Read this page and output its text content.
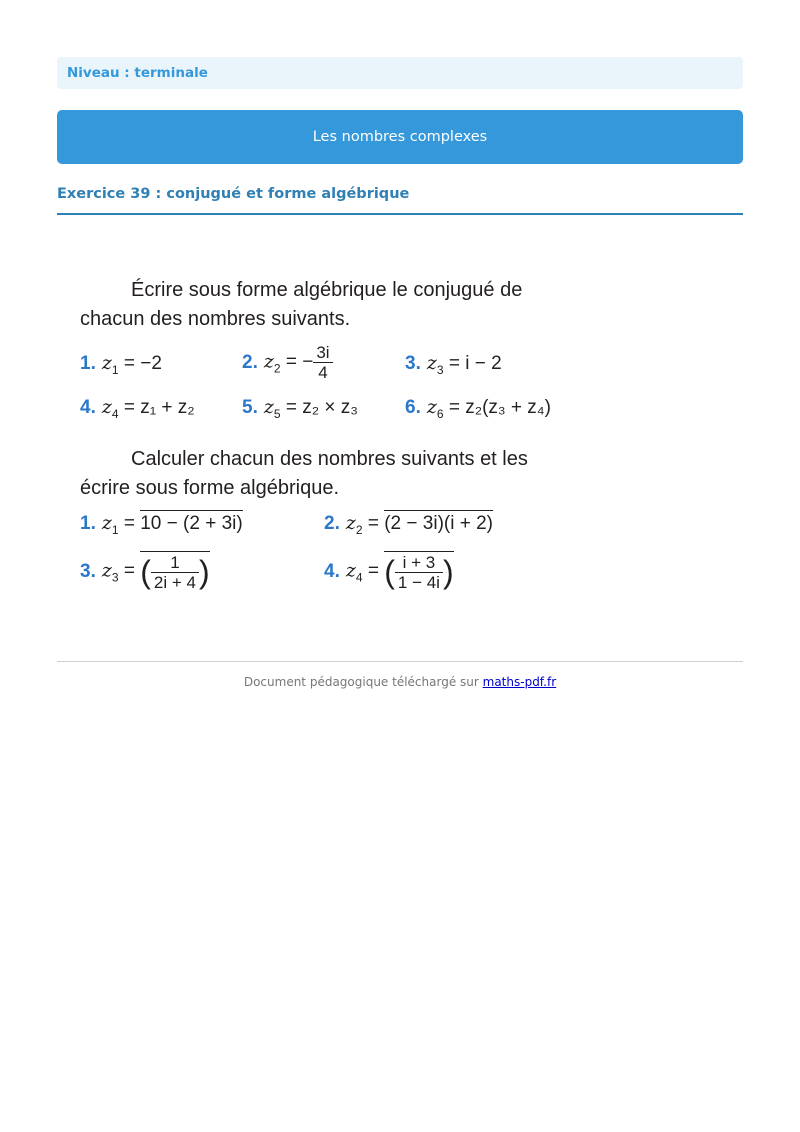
Niveau : terminale
Les nombres complexes
Exercice 39 : conjugué et forme algébrique

Écrire sous forme algébrique le conjugué de
chacun des nombres suivants.

1. $z_1 = -2$	2. $z_2$ = − $\frac{3i}{4}$	3. $z_3 = i - 2$
4. $z_4 = z_1 + z_2$ 5. $z_5 = z_2 \times z_3$ 6. $z_6 = z_2(z_3 + z_4)$

Calculer chacun des nombres suivants et les
écrire sous forme algébrique.

1. $z_1 = 10 - (2 + 3i)$	2. $z_2 = (2 - 3i)(i + 2)$
3. $z_3$ = ( $\frac{1}{2i + 4}$ )	4. $z_4$ = ( $\frac{i + 3}{1 - 4i}$ )
Document pédagogique téléchargé sur maths-pdf.fr
